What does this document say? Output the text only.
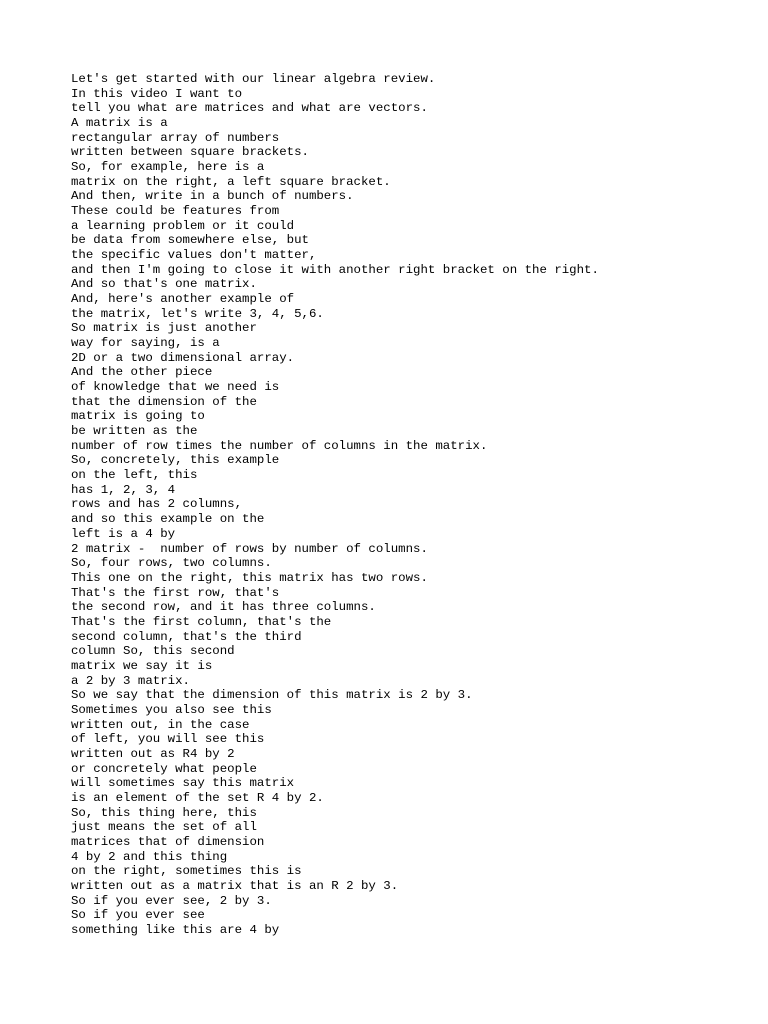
Let's get started with our linear algebra review.
In this video I want to
tell you what are matrices and what are vectors.
A matrix is a
rectangular array of numbers
written between square brackets.
So, for example, here is a
matrix on the right, a left square bracket.
And then, write in a bunch of numbers.
These could be features from
a learning problem or it could
be data from somewhere else, but
the specific values don't matter,
and then I'm going to close it with another right bracket on the right.
And so that's one matrix.
And, here's another example of
the matrix, let's write 3, 4, 5,6.
So matrix is just another
way for saying, is a
2D or a two dimensional array.
And the other piece
of knowledge that we need is
that the dimension of the
matrix is going to
be written as the
number of row times the number of columns in the matrix.
So, concretely, this example
on the left, this
has 1, 2, 3, 4
rows and has 2 columns,
and so this example on the
left is a 4 by
2 matrix -  number of rows by number of columns.
So, four rows, two columns.
This one on the right, this matrix has two rows.
That's the first row, that's
the second row, and it has three columns.
That's the first column, that's the
second column, that's the third
column So, this second
matrix we say it is
a 2 by 3 matrix.
So we say that the dimension of this matrix is 2 by 3.
Sometimes you also see this
written out, in the case
of left, you will see this
written out as R4 by 2
or concretely what people
will sometimes say this matrix
is an element of the set R 4 by 2.
So, this thing here, this
just means the set of all
matrices that of dimension
4 by 2 and this thing
on the right, sometimes this is
written out as a matrix that is an R 2 by 3.
So if you ever see, 2 by 3.
So if you ever see
something like this are 4 by
